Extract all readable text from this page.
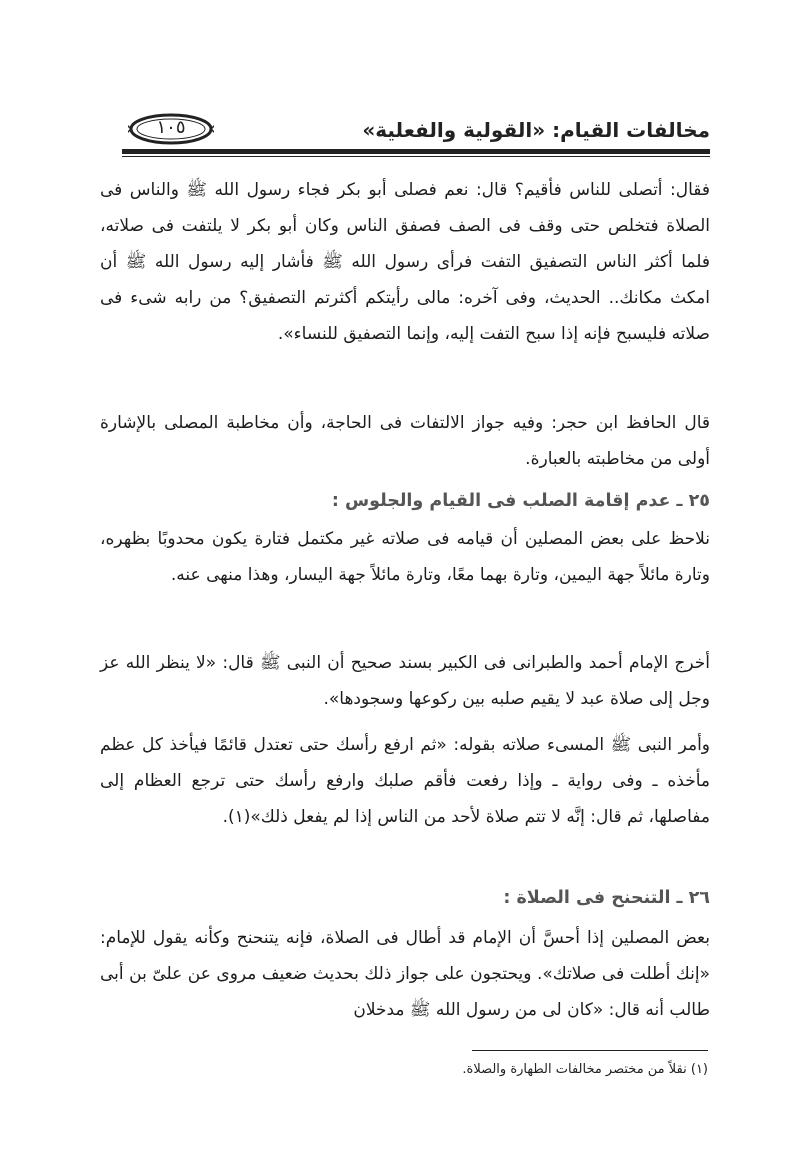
مخالفات القيام: «القولية والفعلية»
١٠٥

فقال: أتصلى للناس فأقيم؟ قال: نعم فصلى أبو بكر فجاء رسول الله ﷺ والناس فى الصلاة فتخلص حتى وقف فى الصف فصفق الناس وكان أبو بكر لا يلتفت فى صلاته، فلما أكثر الناس التصفيق التفت فرأى رسول الله ﷺ فأشار إليه رسول الله ﷺ أن امكث مكانك.. الحديث، وفى آخره: مالى رأيتكم أكثرتم التصفيق؟ من رابه شىء فى صلاته فليسبح فإنه إذا سبح التفت إليه، وإنما التصفيق للنساء».

قال الحافظ ابن حجر: وفيه جواز الالتفات فى الحاجة، وأن مخاطبة المصلى بالإشارة أولى من مخاطبته بالعبارة.

٢٥ ـ عدم إقامة الصلب فى القيام والجلوس :

نلاحظ على بعض المصلين أن قيامه فى صلاته غير مكتمل فتارة يكون محدوبًا بظهره، وتارة مائلاً جهة اليمين، وتارة بهما معًا، وتارة مائلاً جهة اليسار، وهذا منهى عنه.

أخرج الإمام أحمد والطبرانى فى الكبير بسند صحيح أن النبى ﷺ قال: «لا ينظر الله عز وجل إلى صلاة عبد لا يقيم صلبه بين ركوعها وسجودها».

وأمر النبى ﷺ المسىء صلاته بقوله: «ثم ارفع رأسك حتى تعتدل قائمًا فيأخذ كل عظم مأخذه ـ وفى رواية ـ وإذا رفعت فأقم صلبك وارفع رأسك حتى ترجع العظام إلى مفاصلها، ثم قال: إنَّه لا تتم صلاة لأحد من الناس إذا لم يفعل ذلك»(١).

٢٦ ـ التنحنح فى الصلاة :

بعض المصلين إذا أحسَّ أن الإمام قد أطال فى الصلاة، فإنه يتنحنح وكأنه يقول للإمام: «إنك أطلت فى صلاتك». ويحتجون على جواز ذلك بحديث ضعيف مروى عن علىّ بن أبى طالب أنه قال: «كان لى من رسول الله ﷺ مدخلان

(١) نقلاً من مختصر مخالفات الطهارة والصلاة.
